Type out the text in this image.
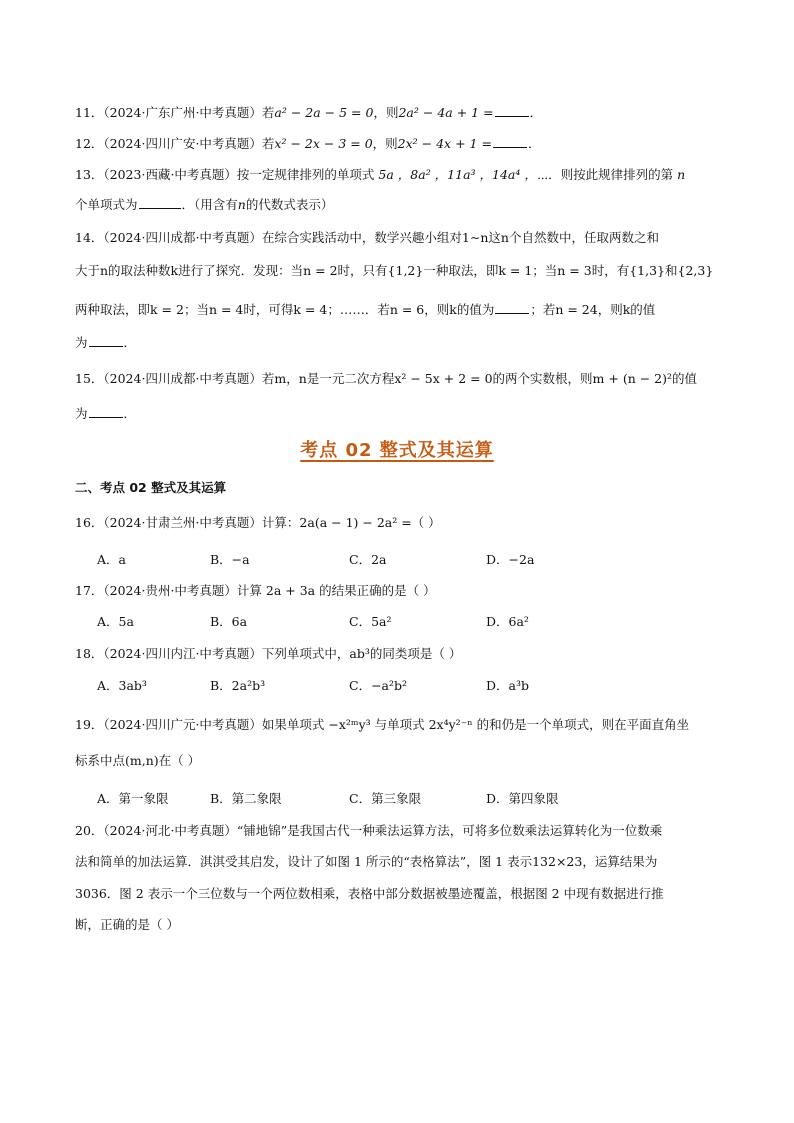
11．（2024·广东广州·中考真题）若a² − 2a − 5 = 0，则2a² − 4a + 1 =	．
12．（2024·四川广安·中考真题）若x² − 2x − 3 = 0，则2x² − 4x + 1 =	．
13．（2023·西藏·中考真题）按一定规律排列的单项式 5a ，8a² ，11a³ ，14a⁴ ，⋯．则按此规律排列的第 n
个单项式为	．（用含有n的代数式表示）
14．（2024·四川成都·中考真题）在综合实践活动中，数学兴趣小组对1∼n这n个自然数中，任取两数之和
大于n的取法种数k进行了探究．发现：当n = 2时，只有{1,2}一种取法，即k = 1；当n = 3时，有{1,3}和{2,3}
两种取法，即k = 2；当n = 4时，可得k = 4；……．若n = 6，则k的值为	；若n = 24，则k的值
为	．
15．（2024·四川成都·中考真题）若m，n是一元二次方程x² − 5x + 2 = 0的两个实数根，则m + (n − 2)²的值
为	．
考点 02 整式及其运算
二、考点 02 整式及其运算
16．（2024·甘肃兰州·中考真题）计算：2a(a − 1) − 2a² =（ ）
A．a	B．−a	C．2a	D．−2a
17．（2024·贵州·中考真题）计算 2a + 3a 的结果正确的是（ ）
A．5a	B．6a	C．5a²	D．6a²
18．（2024·四川内江·中考真题）下列单项式中，ab³的同类项是（ ）
A．3ab³	B．2a²b³	C．−a²b²	D．a³b
19．（2024·四川广元·中考真题）如果单项式 −x²ᵐy³ 与单项式 2x⁴y²⁻ⁿ 的和仍是一个单项式，则在平面直角坐
标系中点(m,n)在（ ）
A．第一象限	B．第二象限	C．第三象限	D．第四象限
20．（2024·河北·中考真题）“铺地锦”是我国古代一种乘法运算方法，可将多位数乘法运算转化为一位数乘
法和简单的加法运算．淇淇受其启发，设计了如图 1 所示的“表格算法”，图 1 表示132×23，运算结果为
3036．图 2 表示一个三位数与一个两位数相乘，表格中部分数据被墨迹覆盖，根据图 2 中现有数据进行推
断，正确的是（ ）
